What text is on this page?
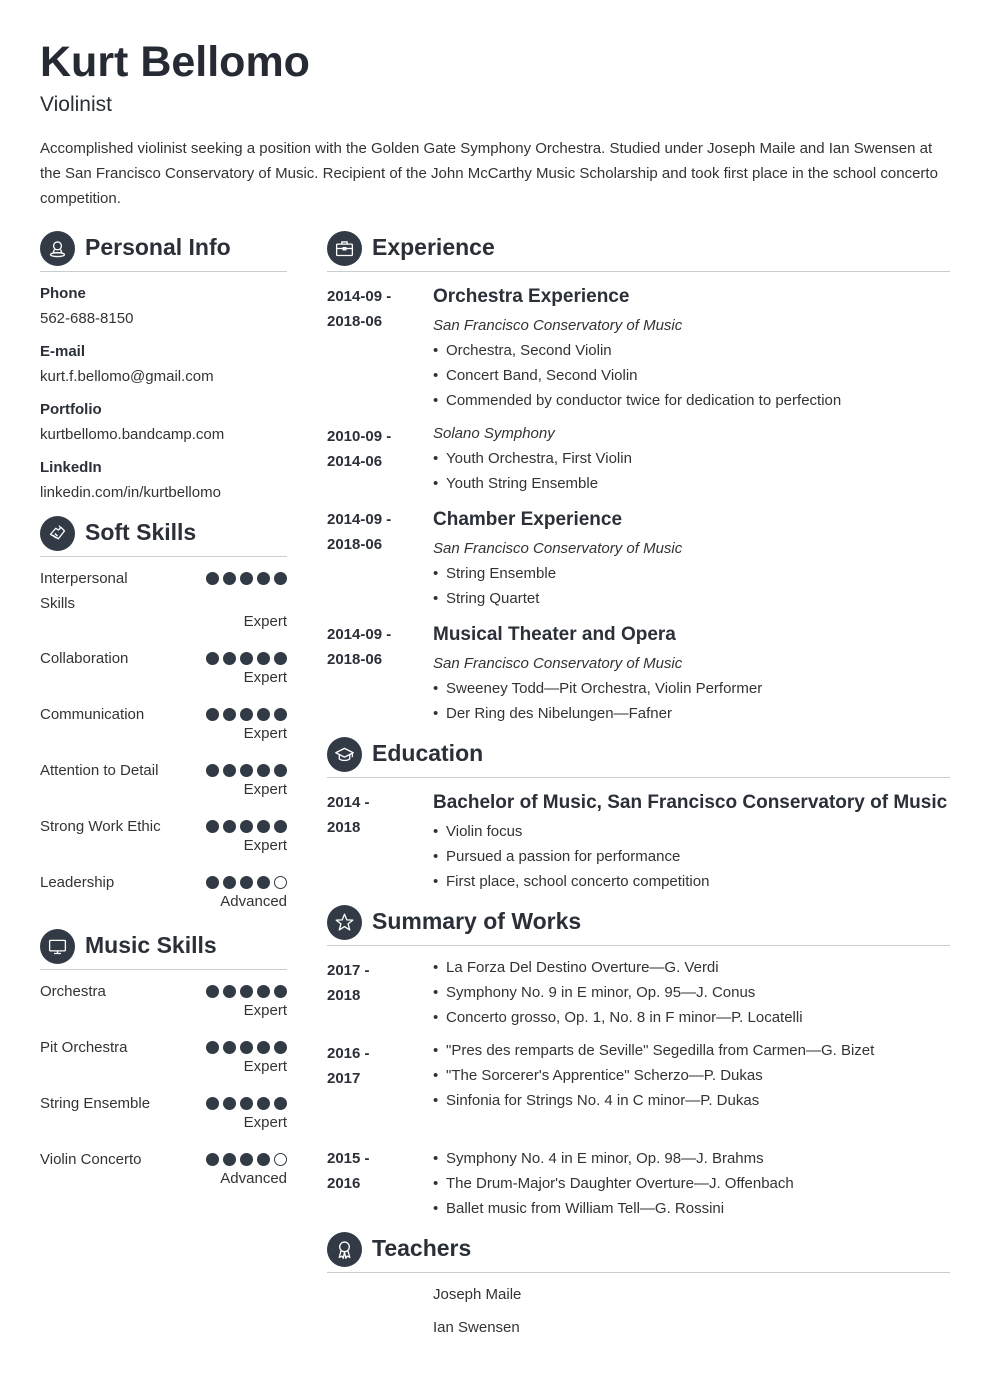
Kurt Bellomo
Violinist
Accomplished violinist seeking a position with the Golden Gate Symphony Orchestra. Studied under Joseph Maile and Ian Swensen at the San Francisco Conservatory of Music. Recipient of the John McCarthy Music Scholarship and took first place in the school concerto competition.
Personal Info
Phone
562-688-8150
E-mail
kurt.f.bellomo@gmail.com
Portfolio
kurtbellomo.bandcamp.com
LinkedIn
linkedin.com/in/kurtbellomo
Soft Skills
Interpersonal Skills
Expert
Collaboration
Expert
Communication
Expert
Attention to Detail
Expert
Strong Work Ethic
Expert
Leadership
Advanced
Music Skills
Orchestra
Expert
Pit Orchestra
Expert
String Ensemble
Expert
Violin Concerto
Advanced
Experience
2014-09 -
2018-06
Orchestra Experience
San Francisco Conservatory of Music
• Orchestra, Second Violin
• Concert Band, Second Violin
• Commended by conductor twice for dedication to perfection
2010-09 -
2014-06
Solano Symphony
• Youth Orchestra, First Violin
• Youth String Ensemble
2014-09 -
2018-06
Chamber Experience
San Francisco Conservatory of Music
• String Ensemble
• String Quartet
2014-09 -
2018-06
Musical Theater and Opera
San Francisco Conservatory of Music
• Sweeney Todd—Pit Orchestra, Violin Performer
• Der Ring des Nibelungen—Fafner
Education
2014 -
2018
Bachelor of Music, San Francisco Conservatory of Music
• Violin focus
• Pursued a passion for performance
• First place, school concerto competition
Summary of Works
2017 -
2018
• La Forza Del Destino Overture—G. Verdi
• Symphony No. 9 in E minor, Op. 95—J. Conus
• Concerto grosso, Op. 1, No. 8 in F minor—P. Locatelli
2016 -
2017
• "Pres des remparts de Seville" Segedilla from Carmen—G. Bizet
• "The Sorcerer's Apprentice" Scherzo—P. Dukas
• Sinfonia for Strings No. 4 in C minor—P. Dukas
2015 -
2016
• Symphony No. 4 in E minor, Op. 98—J. Brahms
• The Drum-Major's Daughter Overture—J. Offenbach
• Ballet music from William Tell—G. Rossini
Teachers
Joseph Maile
Ian Swensen
